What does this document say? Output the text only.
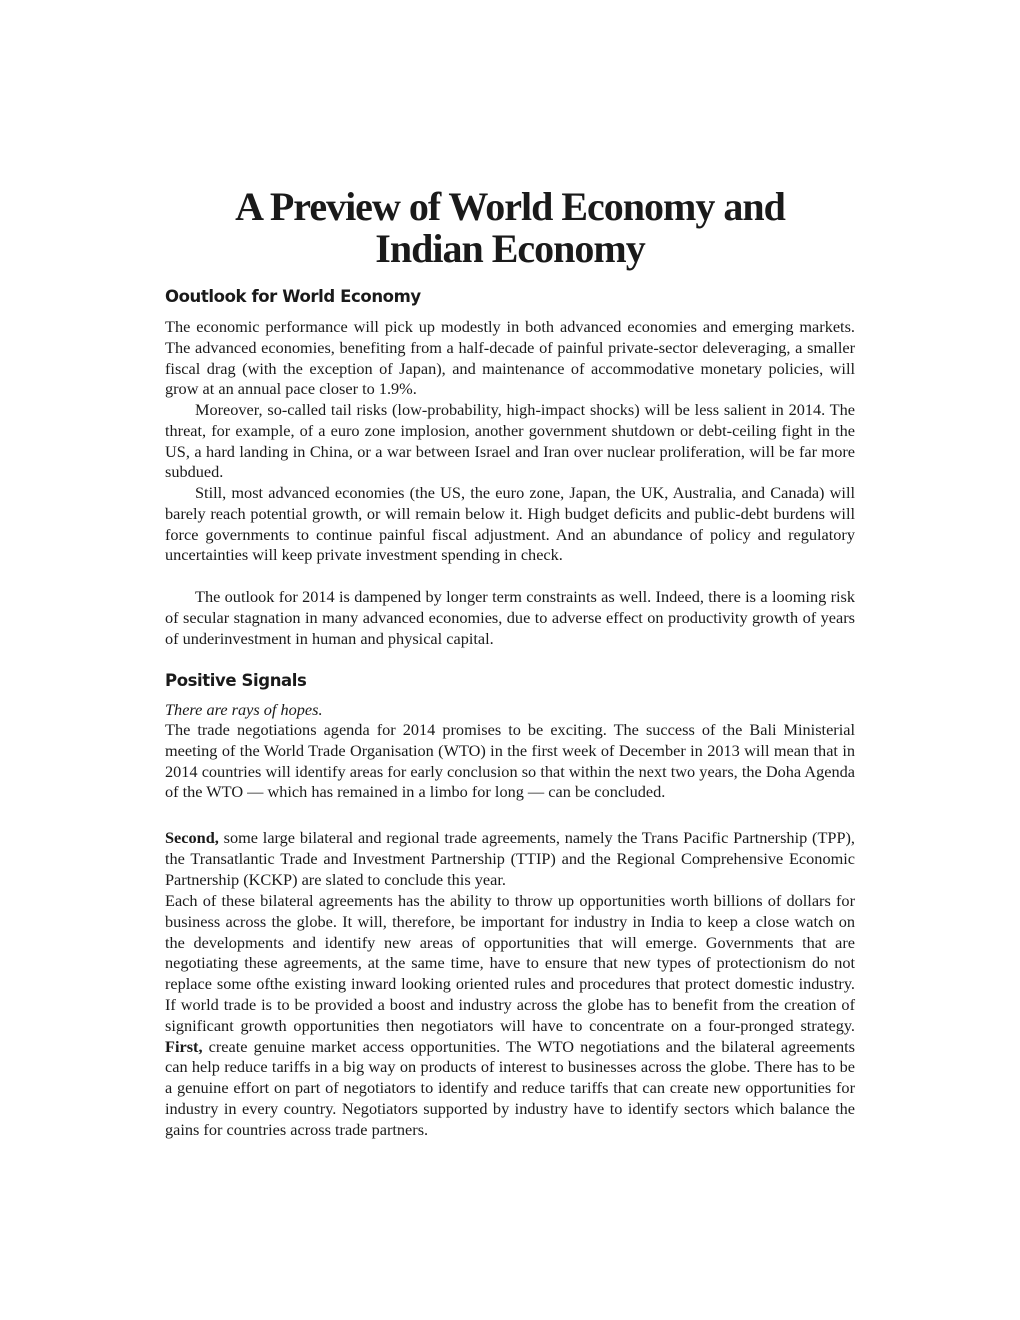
A Preview of World Economy and
Indian Economy
Ooutlook for World Economy

The economic performance will pick up modestly in both advanced economies and emerging markets. The advanced economies, benefiting from a half-decade of painful private-sector deleveraging, a smaller fiscal drag (with the exception of Japan), and maintenance of accommodative monetary policies, will grow at an annual pace closer to 1.9%.

Moreover, so-called tail risks (low-probability, high-impact shocks) will be less salient in 2014. The threat, for example, of a euro zone implosion, another government shutdown or debt-ceiling fight in the US, a hard landing in China, or a war between Israel and Iran over nuclear proliferation, will be far more subdued.

Still, most advanced economies (the US, the euro zone, Japan, the UK, Australia, and Canada) will barely reach potential growth, or will remain below it. High budget deficits and public-debt burdens will force governments to continue painful fiscal adjustment. And an abundance of policy and regulatory uncertainties will keep private investment spending in check.

The outlook for 2014 is dampened by longer term constraints as well. Indeed, there is a looming risk of secular stagnation in many advanced economies, due to adverse effect on productivity growth of years of underinvestment in human and physical capital.

Positive Signals

There are rays of hopes.

The trade negotiations agenda for 2014 promises to be exciting. The success of the Bali Ministerial meeting of the World Trade Organisation (WTO) in the first week of December in 2013 will mean that in 2014 countries will identify areas for early conclusion so that within the next two years, the Doha Agenda of the WTO — which has remained in a limbo for long — can be concluded.

Second, some large bilateral and regional trade agreements, namely the Trans Pacific Partnership (TPP), the Transatlantic Trade and Investment Partnership (TTIP) and the Regional Comprehensive Economic Partnership (KCKP) are slated to conclude this year.

Each of these bilateral agreements has the ability to throw up opportunities worth billions of dollars for business across the globe. It will, therefore, be important for industry in India to keep a close watch on the developments and identify new areas of opportunities that will emerge. Governments that are negotiating these agreements, at the same time, have to ensure that new types of protectionism do not replace some ofthe existing inward looking oriented rules and procedures that protect domestic industry. If world trade is to be provided a boost and industry across the globe has to benefit from the creation of significant growth opportunities then negotiators will have to concentrate on a four-pronged strategy. First, create genuine market access opportunities. The WTO negotiations and the bilateral agreements can help reduce tariffs in a big way on products of interest to businesses across the globe. There has to be a genuine effort on part of negotiators to identify and reduce tariffs that can create new opportunities for industry in every country. Negotiators supported by industry have to identify sectors which balance the gains for countries across trade partners.
